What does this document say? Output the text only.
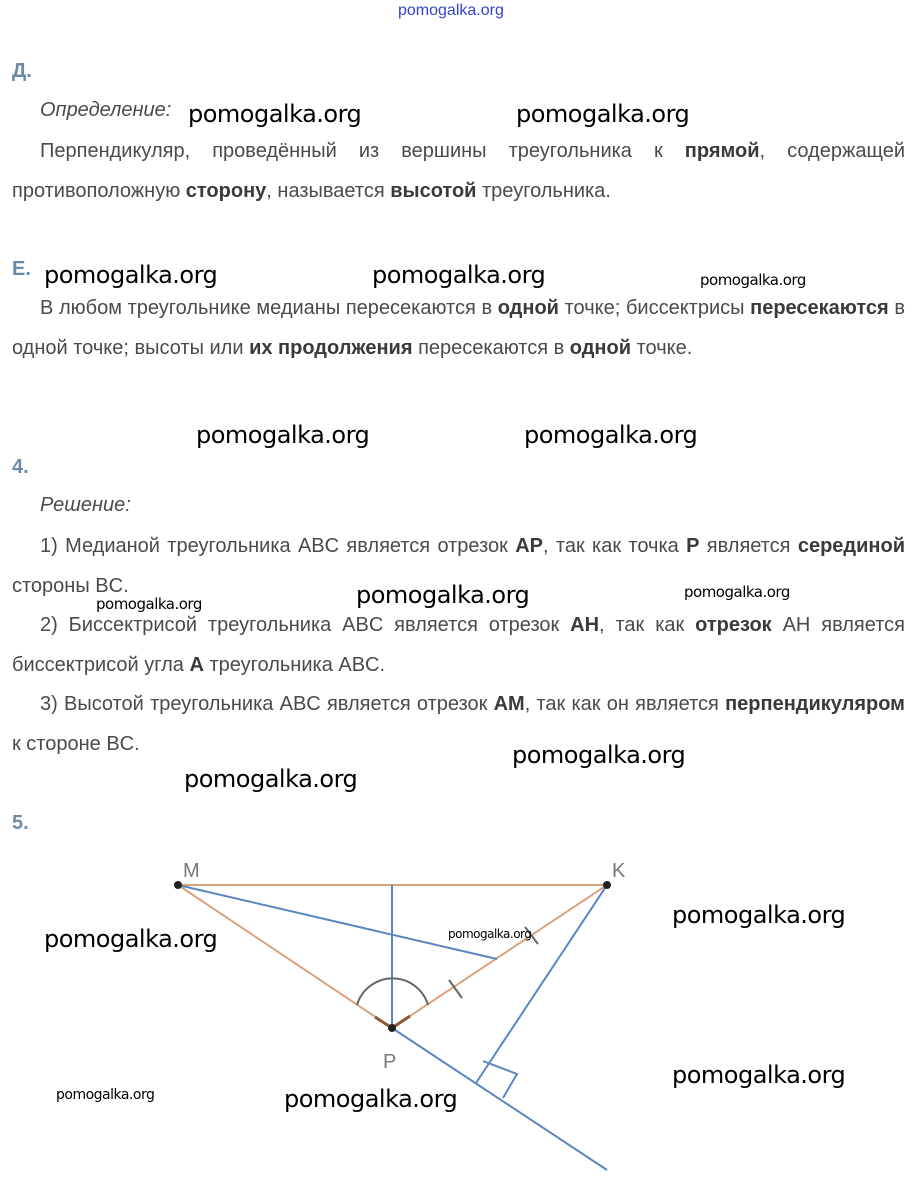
pomogalka.org
Д.
Определение:
Перпендикуляр, проведённый из вершины треугольника к прямой, содержащей противоположную сторону, называется высотой треугольника.
Е.
В любом треугольнике медианы пересекаются в одной точке; биссектрисы пересекаются в одной точке; высоты или их продолжения пересекаются в одной точке.
4.
Решение:
1) Медианой треугольника ABC является отрезок AP, так как точка P является серединой стороны BC.
2) Биссектрисой треугольника ABC является отрезок AH, так как отрезок AH является биссектрисой угла A треугольника ABC.
3) Высотой треугольника ABC является отрезок AM, так как он является перпендикуляром к стороне BC.
5.
M	K
P
pomogalka.org	pomogalka.org
pomogalka.org	pomogalka.org	pomogalka.org
pomogalka.org	pomogalka.org
pomogalka.org	pomogalka.org	pomogalka.org
pomogalka.org
pomogalka.org
pomogalka.org
pomogalka.org	pomogalka.org
pomogalka.org
pomogalka.org	pomogalka.org
